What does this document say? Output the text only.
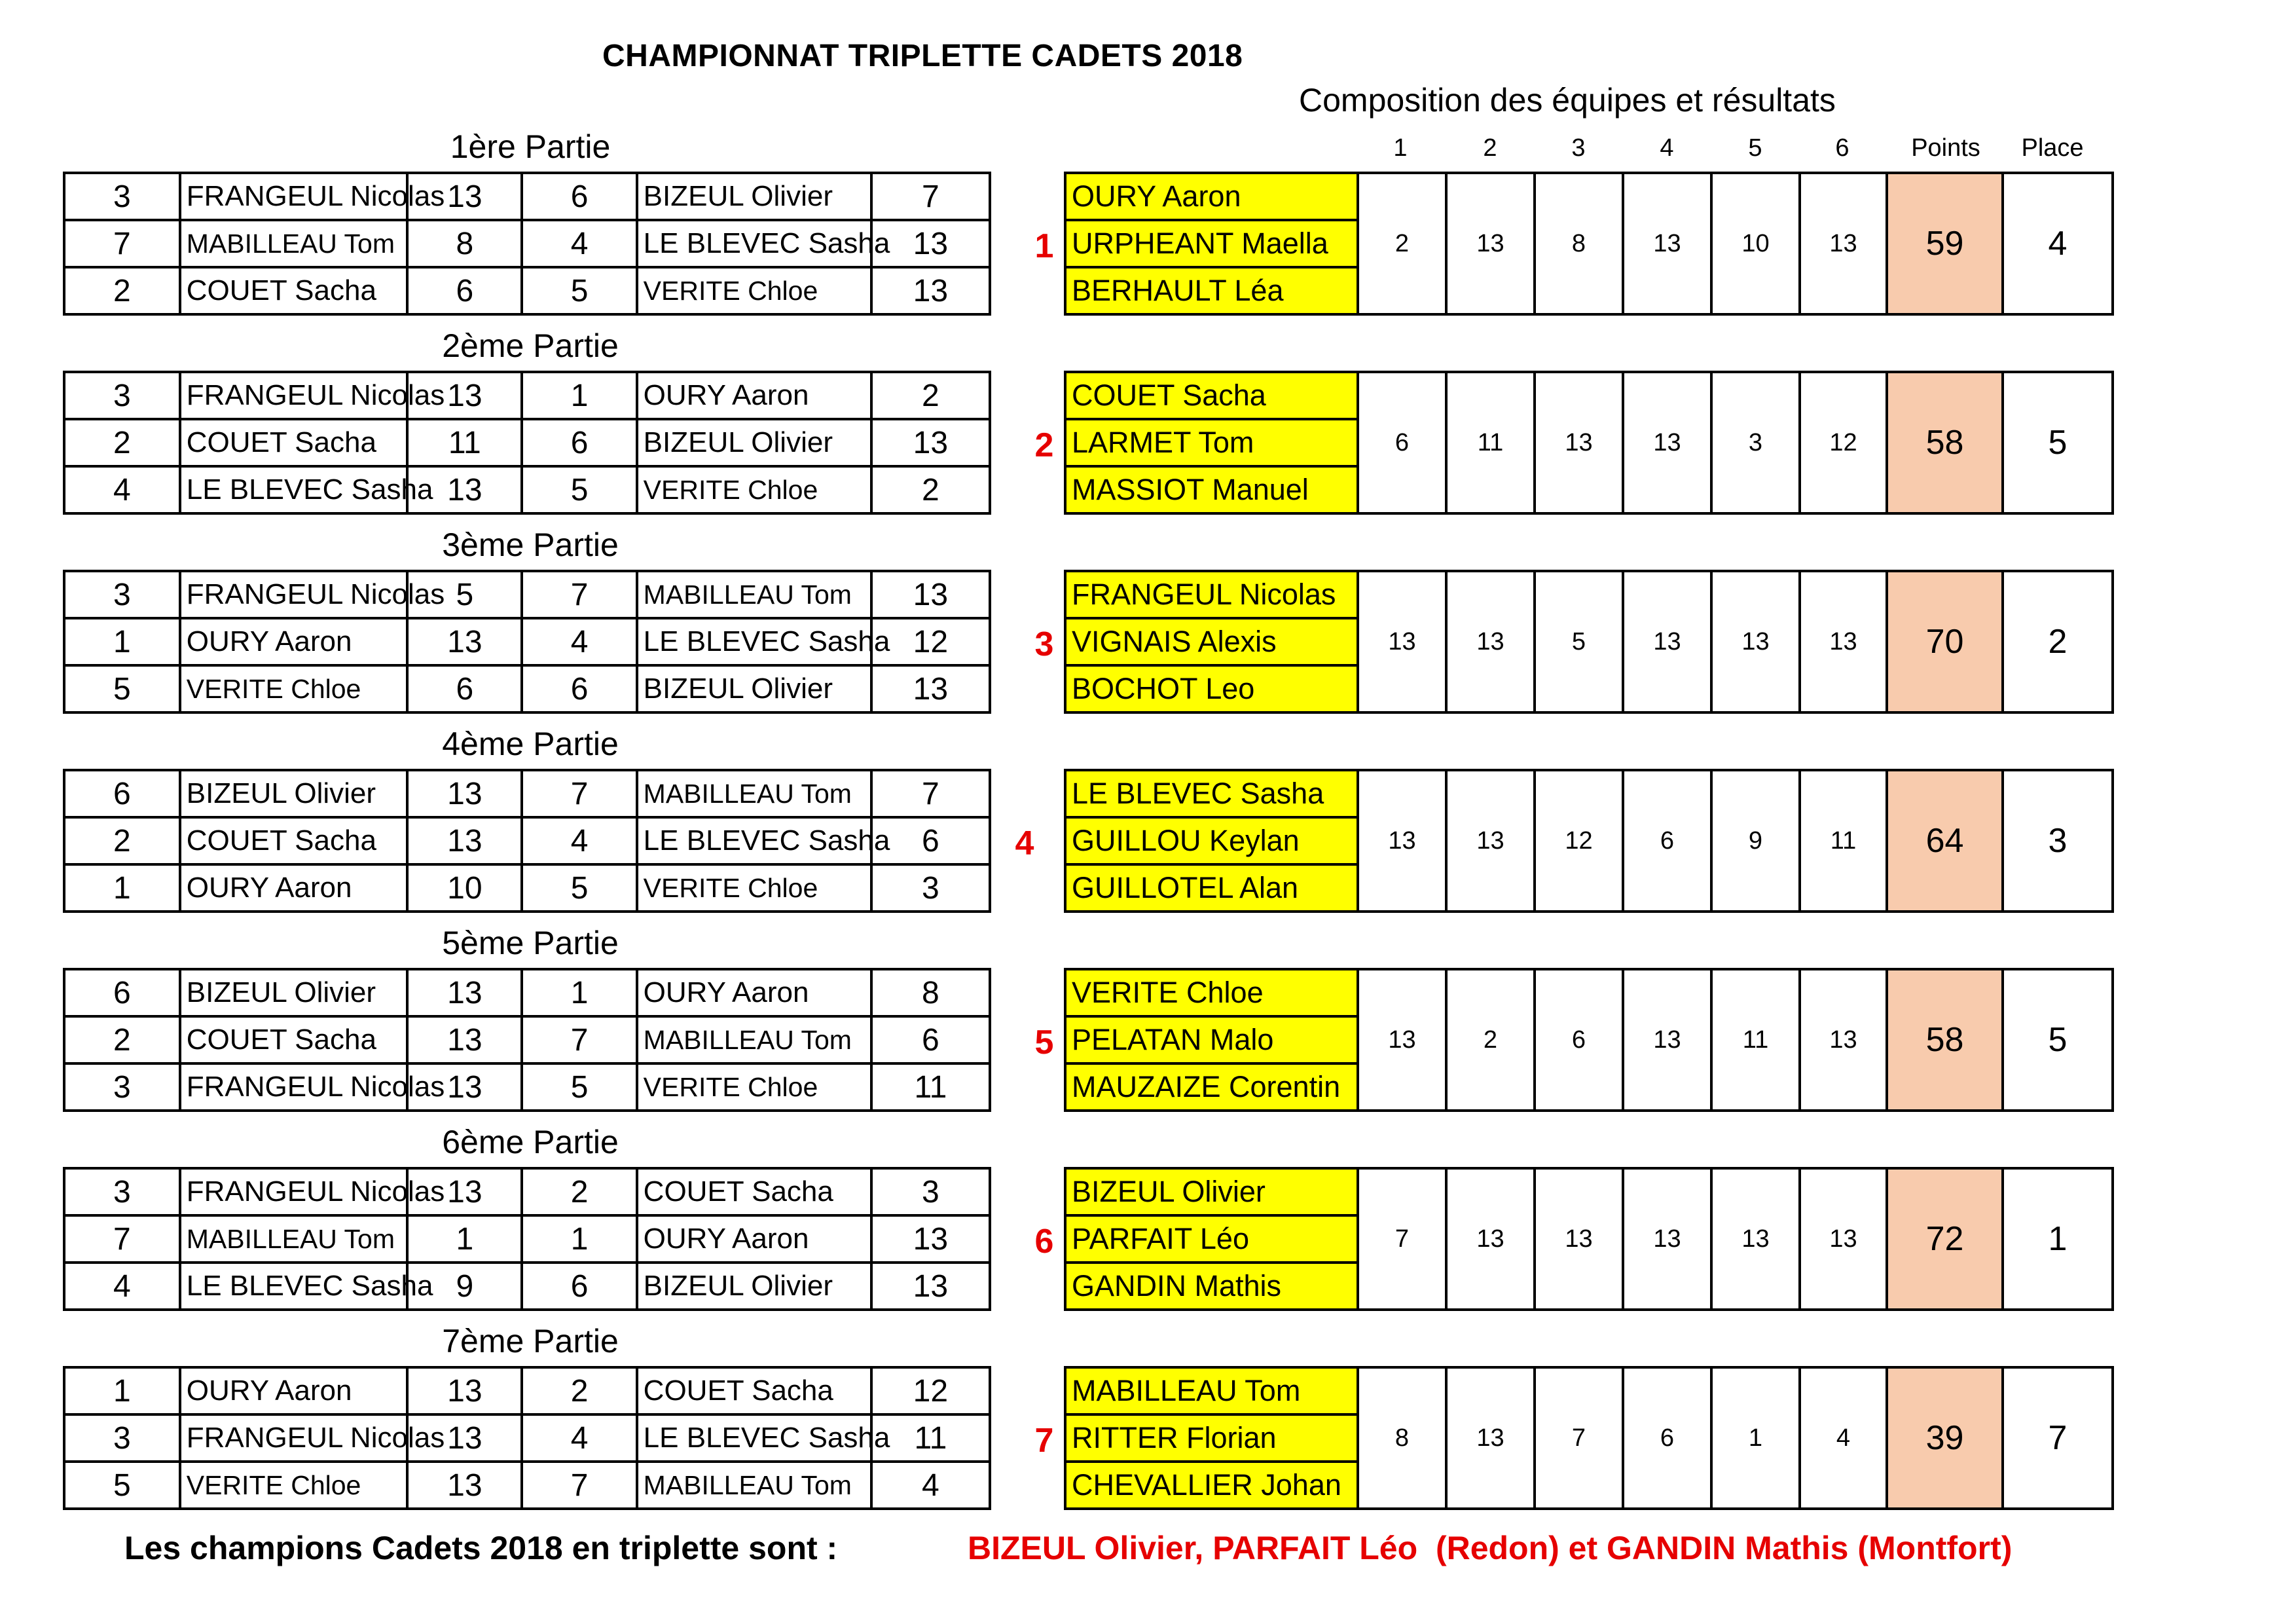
CHAMPIONNAT TRIPLETTE CADETS 2018
Composition des équipes et résultats
1	2	3	4	5	6	Points	Place
1ère Partie
3	FRANGEUL Nicolas	13	6	BIZEUL Olivier	7
7	MABILLEAU Tom	8	4	LE BLEVEC Sasha	13
2	COUET Sacha	6	5	VERITE Chloe	13
2ème Partie
3	FRANGEUL Nicolas	13	1	OURY Aaron	2
2	COUET Sacha	11	6	BIZEUL Olivier	13
4	LE BLEVEC Sasha	13	5	VERITE Chloe	2
3ème Partie
3	FRANGEUL Nicolas	5	7	MABILLEAU Tom	13
1	OURY Aaron	13	4	LE BLEVEC Sasha	12
5	VERITE Chloe	6	6	BIZEUL Olivier	13
4ème Partie
6	BIZEUL Olivier	13	7	MABILLEAU Tom	7
2	COUET Sacha	13	4	LE BLEVEC Sasha	6
1	OURY Aaron	10	5	VERITE Chloe	3
5ème Partie
6	BIZEUL Olivier	13	1	OURY Aaron	8
2	COUET Sacha	13	7	MABILLEAU Tom	6
3	FRANGEUL Nicolas	13	5	VERITE Chloe	11
6ème Partie
3	FRANGEUL Nicolas	13	2	COUET Sacha	3
7	MABILLEAU Tom	1	1	OURY Aaron	13
4	LE BLEVEC Sasha	9	6	BIZEUL Olivier	13
7ème Partie
1	OURY Aaron	13	2	COUET Sacha	12
3	FRANGEUL Nicolas	13	4	LE BLEVEC Sasha	11
5	VERITE Chloe	13	7	MABILLEAU Tom	4
1
OURY Aaron	2	13	8	13	10	13	59	4
URPHEANT Maella
BERHAULT Léa
2
COUET Sacha	6	11	13	13	3	12	58	5
LARMET Tom
MASSIOT Manuel
3
FRANGEUL Nicolas	13	13	5	13	13	13	70	2
VIGNAIS Alexis
BOCHOT Leo
4
LE BLEVEC Sasha	13	13	12	6	9	11	64	3
GUILLOU Keylan
GUILLOTEL Alan
5
VERITE Chloe	13	2	6	13	11	13	58	5
PELATAN Malo
MAUZAIZE Corentin
6
BIZEUL Olivier	7	13	13	13	13	13	72	1
PARFAIT Léo
GANDIN Mathis
7
MABILLEAU Tom	8	13	7	6	1	4	39	7
RITTER Florian
CHEVALLIER Johan
Les champions Cadets 2018 en triplette sont :	BIZEUL Olivier, PARFAIT Léo  (Redon) et GANDIN Mathis (Montfort)
